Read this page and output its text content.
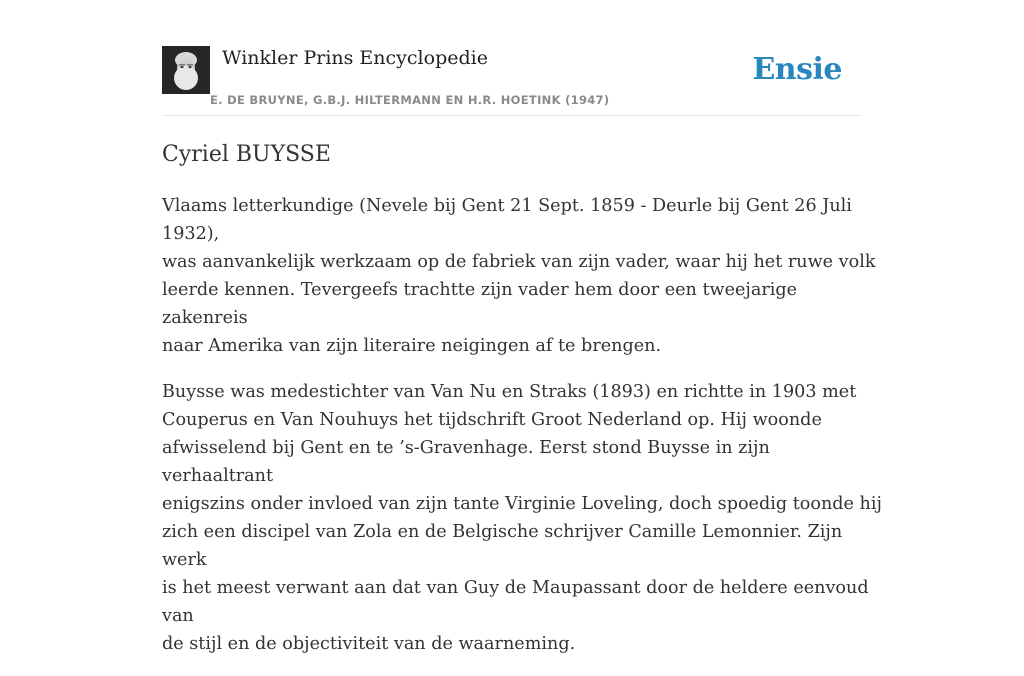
Winkler Prins Encyclopedie
E. DE BRUYNE, G.B.J. HILTERMANN EN H.R. HOETINK (1947)
Ensie
Cyriel BUYSSE

Vlaams letterkundige (Nevele bij Gent 21 Sept. 1859 - Deurle bij Gent 26 Juli 1932),
was aanvankelijk werkzaam op de fabriek van zijn vader, waar hij het ruwe volk
leerde kennen. Tevergeefs trachtte zijn vader hem door een tweejarige zakenreis
naar Amerika van zijn literaire neigingen af te brengen.

Buysse was medestichter van Van Nu en Straks (1893) en richtte in 1903 met
Couperus en Van Nouhuys het tijdschrift Groot Nederland op. Hij woonde
afwisselend bij Gent en te ’s-Gravenhage. Eerst stond Buysse in zijn verhaaltrant
enigszins onder invloed van zijn tante Virginie Loveling, doch spoedig toonde hij
zich een discipel van Zola en de Belgische schrijver Camille Lemonnier. Zijn werk
is het meest verwant aan dat van Guy de Maupassant door de heldere eenvoud van
de stijl en de objectiviteit van de waarneming.
